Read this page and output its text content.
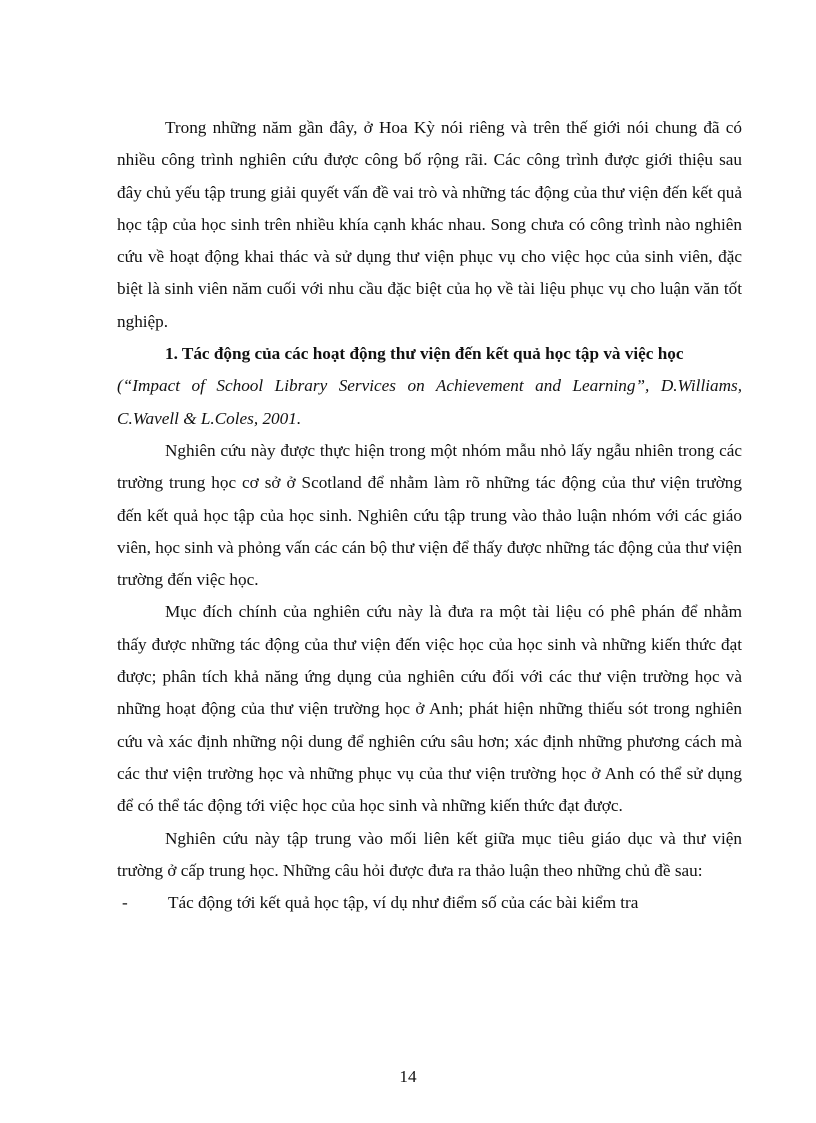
Trong những năm gần đây, ở Hoa Kỳ nói riêng và trên thế giới nói chung đã có nhiều công trình nghiên cứu được công bố rộng rãi. Các công trình được giới thiệu sau đây chủ yếu tập trung giải quyết vấn đề vai trò và những tác động của thư viện đến kết quả học tập của học sinh trên nhiều khía cạnh khác nhau. Song chưa có công trình nào nghiên cứu về hoạt động khai thác và sử dụng thư viện phục vụ cho việc học của sinh viên, đặc biệt là sinh viên năm cuối với nhu cầu đặc biệt của họ về tài liệu phục vụ cho luận văn tốt nghiệp.

1. Tác động của các hoạt động thư viện đến kết quả học tập và việc học

(“Impact of School Library Services on Achievement and Learning”, D.Williams, C.Wavell & L.Coles, 2001.

Nghiên cứu này được thực hiện trong một nhóm mẫu nhỏ lấy ngẫu nhiên trong các trường trung học cơ sở ở Scotland để nhằm làm rõ những tác động của thư viện trường đến kết quả học tập của học sinh. Nghiên cứu tập trung vào thảo luận nhóm với các giáo viên, học sinh và phỏng vấn các cán bộ thư viện để thấy được những tác động của thư viện trường đến việc học.

Mục đích chính của nghiên cứu này là đưa ra một tài liệu có phê phán để nhằm thấy được những tác động của thư viện đến việc học của học sinh và những kiến thức đạt được; phân tích khả năng ứng dụng của nghiên cứu đối với các thư viện trường học và những hoạt động của thư viện trường học ở Anh; phát hiện những thiếu sót trong nghiên cứu và xác định những nội dung để nghiên cứu sâu hơn; xác định những phương cách mà các thư viện trường học và những phục vụ của thư viện trường học ở Anh có thể sử dụng để có thể tác động tới việc học của học sinh và những kiến thức đạt được.

Nghiên cứu này tập trung vào mối liên kết giữa mục tiêu giáo dục và thư viện trường ở cấp trung học. Những câu hỏi được đưa ra thảo luận theo những chủ đề sau:

- Tác động tới kết quả học tập, ví dụ như điểm số của các bài kiểm tra

14
